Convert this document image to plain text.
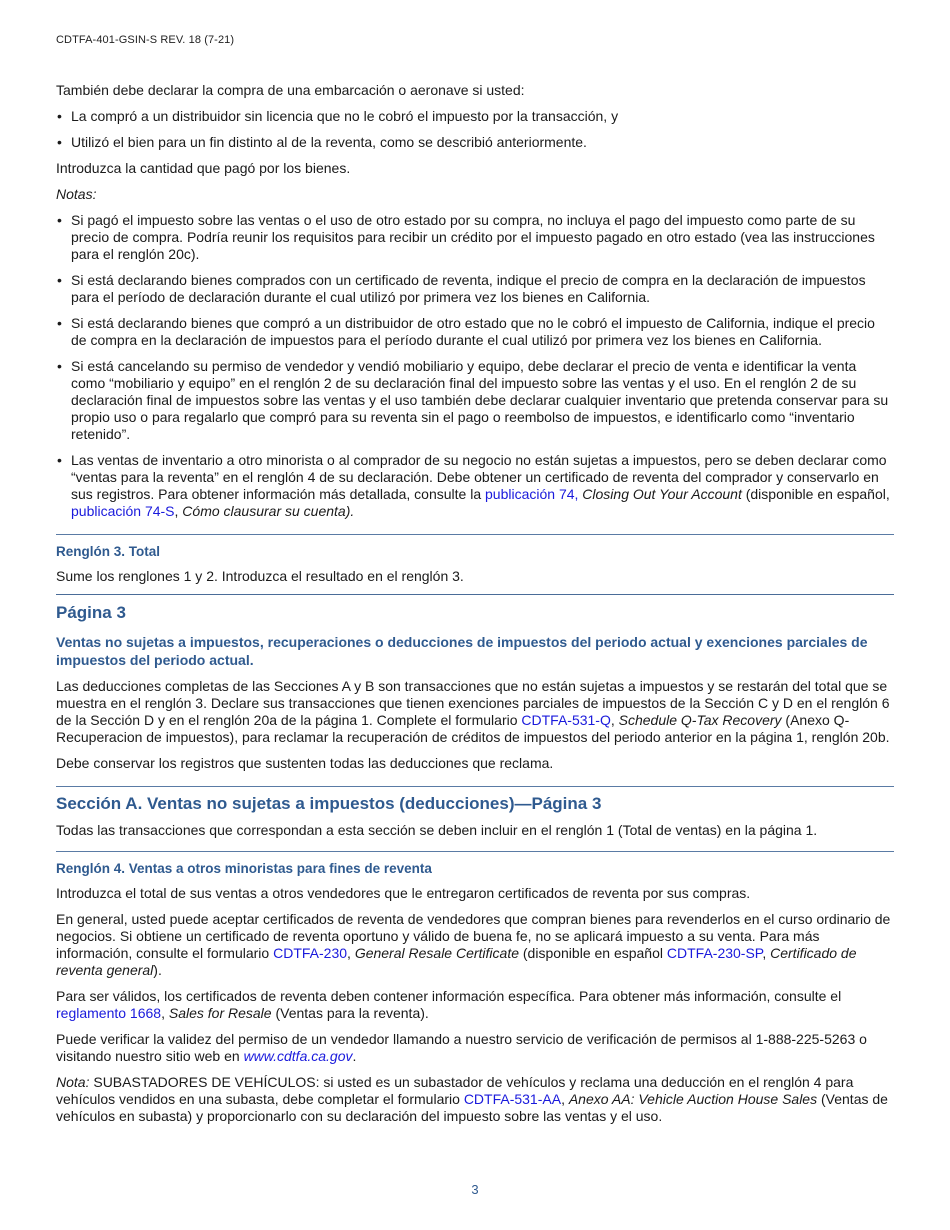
CDTFA-401-GSIN-S REV. 18 (7-21)

También debe declarar la compra de una embarcación o aeronave si usted:

• La compró a un distribuidor sin licencia que no le cobró el impuesto por la transacción, y
• Utilizó el bien para un fin distinto al de la reventa, como se describió anteriormente.

Introduzca la cantidad que pagó por los bienes.

Notas:

• Si pagó el impuesto sobre las ventas o el uso de otro estado por su compra, no incluya el pago del impuesto como parte de su precio de compra. Podría reunir los requisitos para recibir un crédito por el impuesto pagado en otro estado (vea las instrucciones para el renglón 20c).
• Si está declarando bienes comprados con un certificado de reventa, indique el precio de compra en la declaración de impuestos para el período de declaración durante el cual utilizó por primera vez los bienes en California.
• Si está declarando bienes que compró a un distribuidor de otro estado que no le cobró el impuesto de California, indique el precio de compra en la declaración de impuestos para el período durante el cual utilizó por primera vez los bienes en California.
• Si está cancelando su permiso de vendedor y vendió mobiliario y equipo, debe declarar el precio de venta e identificar la venta como “mobiliario y equipo” en el renglón 2 de su declaración final del impuesto sobre las ventas y el uso. En el renglón 2 de su declaración final de impuestos sobre las ventas y el uso también debe declarar cualquier inventario que pretenda conservar para su propio uso o para regalarlo que compró para su reventa sin el pago o reembolso de impuestos, e identificarlo como “inventario retenido”.
• Las ventas de inventario a otro minorista o al comprador de su negocio no están sujetas a impuestos, pero se deben declarar como “ventas para la reventa” en el renglón 4 de su declaración. Debe obtener un certificado de reventa del comprador y conservarlo en sus registros. Para obtener información más detallada, consulte la publicación 74, Closing Out Your Account (disponible en español, publicación 74-S, Cómo clausurar su cuenta).
Renglón 3. Total

Sume los renglones 1 y 2. Introduzca el resultado en el renglón 3.

Página 3
Ventas no sujetas a impuestos, recuperaciones o deducciones de impuestos del periodo actual y exenciones parciales de impuestos del periodo actual.

Las deducciones completas de las Secciones A y B son transacciones que no están sujetas a impuestos y se restarán del total que se muestra en el renglón 3. Declare sus transacciones que tienen exenciones parciales de impuestos de la Sección C y D en el renglón 6 de la Sección D y en el renglón 20a de la página 1. Complete el formulario CDTFA-531-Q, Schedule Q-Tax Recovery (Anexo Q-Recuperacion de impuestos), para reclamar la recuperación de créditos de impuestos del periodo anterior en la página 1, renglón 20b.

Debe conservar los registros que sustenten todas las deducciones que reclama.

Sección A. Ventas no sujetas a impuestos (deducciones)—Página 3

Todas las transacciones que correspondan a esta sección se deben incluir en el renglón 1 (Total de ventas) en la página 1.

Renglón 4. Ventas a otros minoristas para fines de reventa

Introduzca el total de sus ventas a otros vendedores que le entregaron certificados de reventa por sus compras.

En general, usted puede aceptar certificados de reventa de vendedores que compran bienes para revenderlos en el curso ordinario de negocios. Si obtiene un certificado de reventa oportuno y válido de buena fe, no se aplicará impuesto a su venta. Para más información, consulte el formulario CDTFA-230, General Resale Certificate (disponible en español CDTFA-230-SP, Certificado de reventa general).

Para ser válidos, los certificados de reventa deben contener información específica. Para obtener más información, consulte el reglamento 1668, Sales for Resale (Ventas para la reventa).

Puede verificar la validez del permiso de un vendedor llamando a nuestro servicio de verificación de permisos al 1-888-225-5263 o visitando nuestro sitio web en www.cdtfa.ca.gov.

Nota: SUBASTADORES DE VEHÍCULOS: si usted es un subastador de vehículos y reclama una deducción en el renglón 4 para vehículos vendidos en una subasta, debe completar el formulario CDTFA-531-AA, Anexo AA: Vehicle Auction House Sales (Ventas de vehículos en subasta) y proporcionarlo con su declaración del impuesto sobre las ventas y el uso.

3
